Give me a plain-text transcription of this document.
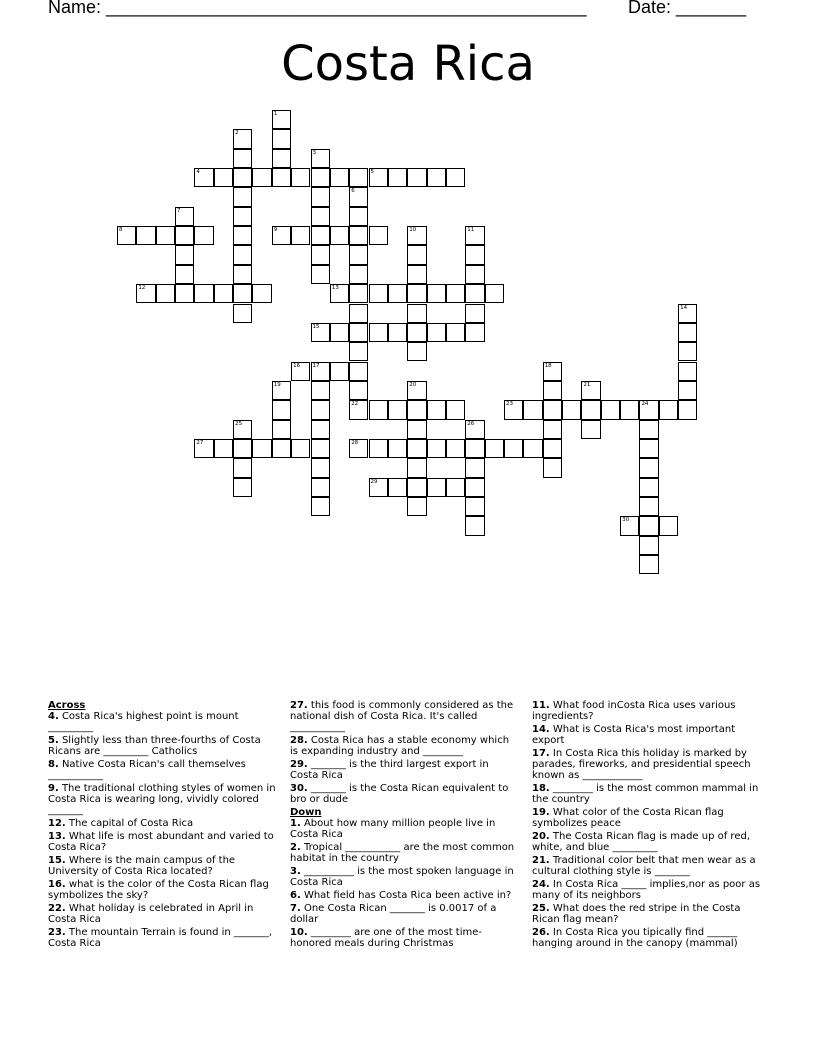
Name: ________________________________________________

Date: _______

Costa Rica
1
2
3
4	5
6
7
8	9	10	11
12	13
14
15
16 17	18
19	20	21
22	23	24
25	26
27	28
29
30
Across
4. Costa Rica's highest point is mount _________
5. Slightly less than three-fourths of Costa Ricans are _________ Catholics
8. Native Costa Rican's call themselves ___________
9. The traditional clothing styles of women in Costa Rica is wearing long, vividly colored _______
12. The capital of Costa Rica
13. What life is most abundant and varied to Costa Rica?
15. Where is the main campus of the University of Costa Rica located?
16. what is the color of the Costa Rican flag symbolizes the sky?
22. What holiday is celebrated in April in Costa Rica
23. The mountain Terrain is found in _______, Costa Rica
27. this food is commonly considered as the national dish of Costa Rica. It's called ___________
28. Costa Rica has a stable economy which is expanding industry and ________
29. _______ is the third largest export in Costa Rica
30. _______ is the Costa Rican equivalent to bro or dude
Down
1. About how many million people live in Costa Rica
2. Tropical ___________ are the most common habitat in the country
3. __________ is the most spoken language in Costa Rica
6. What field has Costa Rica been active in?
7. One Costa Rican _______ is 0.0017 of a dollar
10. ________ are one of the most time-honored meals during Christmas
11. What food inCosta Rica uses various ingredients?
14. What is Costa Rica's most important export
17. In Costa Rica this holiday is marked by parades, fireworks, and presidential speech known as ____________
18. ________ is the most common mammal in the country
19. What color of the Costa Rican flag symbolizes peace
20. The Costa Rican flag is made up of red, white, and blue _________
21. Traditional color belt that men wear as a cultural clothing style is _______
24. In Costa Rica _____ implies,nor as poor as many of its neighbors
25. What does the red stripe in the Costa Rican flag mean?
26. In Costa Rica you tipically find ______ hanging around in the canopy (mammal)
